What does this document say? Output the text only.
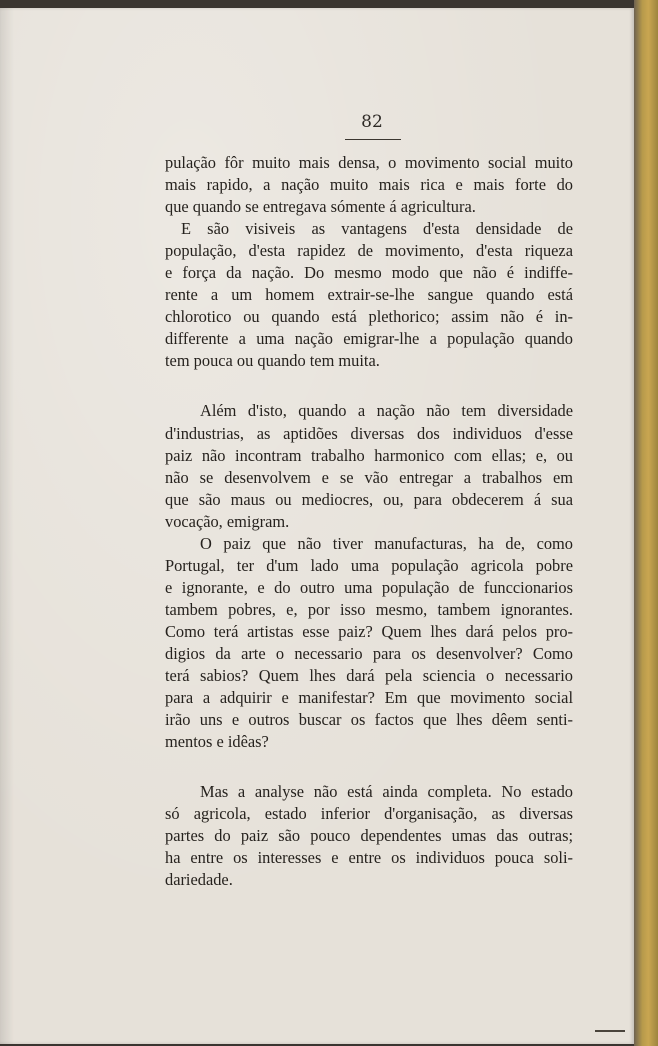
82
pulação fôr muito mais densa, o movimento social muito
mais rapido, a nação muito mais rica e mais forte do
que quando se entregava sómente á agricultura.
E são visiveis as vantagens d'esta densidade de
população, d'esta rapidez de movimento, d'esta riqueza
e força da nação. Do mesmo modo que não é indiffe-
rente a um homem extrair-se-lhe sangue quando está
chlorotico ou quando está plethorico; assim não é in-
differente a uma nação emigrar-lhe a população quando
tem pouca ou quando tem muita.
Além d'isto, quando a nação não tem diversidade
d'industrias, as aptidões diversas dos individuos d'esse
paiz não incontram trabalho harmonico com ellas; e, ou
não se desenvolvem e se vão entregar a trabalhos em
que são maus ou mediocres, ou, para obdecerem á sua
vocação, emigram.
O paiz que não tiver manufacturas, ha de, como
Portugal, ter d'um lado uma população agricola pobre
e ignorante, e do outro uma população de funccionarios
tambem pobres, e, por isso mesmo, tambem ignorantes.
Como terá artistas esse paiz? Quem lhes dará pelos pro-
digios da arte o necessario para os desenvolver? Como
terá sabios? Quem lhes dará pela sciencia o necessario
para a adquirir e manifestar? Em que movimento social
irão uns e outros buscar os factos que lhes dêem senti-
mentos e idêas?
Mas a analyse não está ainda completa. No estado
só agricola, estado inferior d'organisação, as diversas
partes do paiz são pouco dependentes umas das outras;
ha entre os interesses e entre os individuos pouca soli-
dariedade.
